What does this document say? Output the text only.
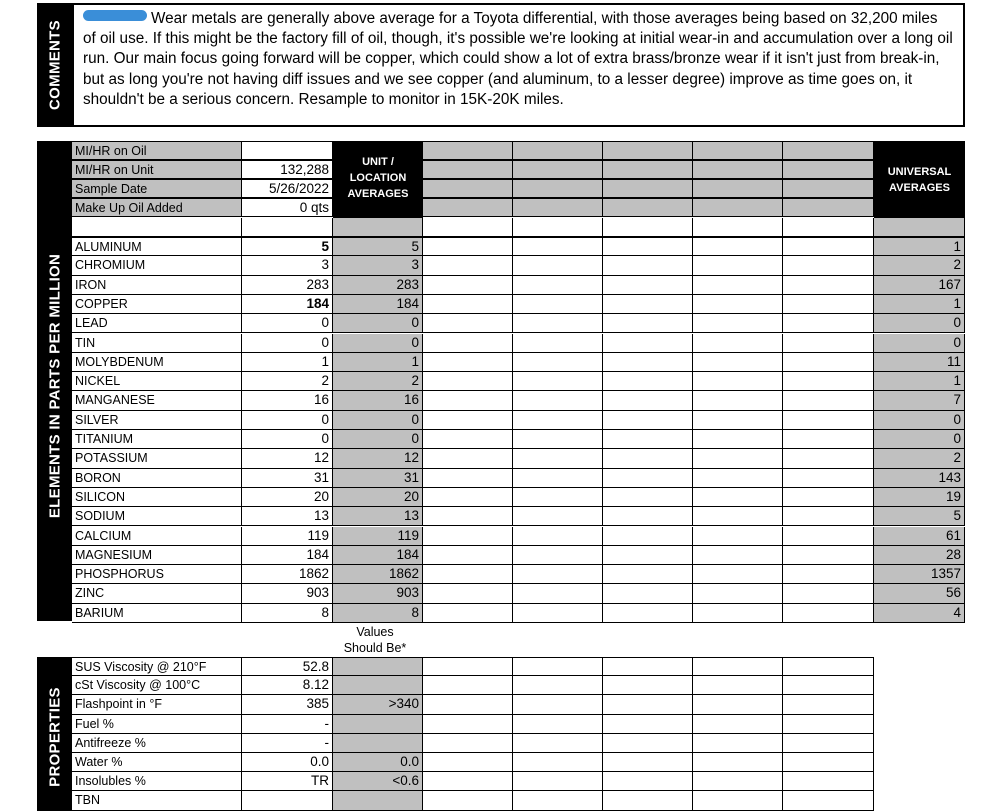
COMMENTS
Wear metals are generally above average for a Toyota differential, with those averages being based on 32,200 miles of oil use. If this might be the factory fill of oil, though, it's possible we're looking at initial wear-in and accumulation over a long oil run. Our main focus going forward will be copper, which could show a lot of extra brass/bronze wear if it isn't just from break-in, but as long you're not having diff issues and we see copper (and aluminum, to a lesser degree) improve as time goes on, it shouldn't be a serious concern. Resample to monitor in 15K-20K miles.
ELEMENTS IN PARTS PER MILLION
UNIT / LOCATION AVERAGES
UNIVERSAL AVERAGES
MI/HR on Oil
MI/HR on Unit	132,288
Sample Date	5/26/2022
Make Up Oil Added	0 qts
ALUMINUM	5	5	1
CHROMIUM	3	3	2
IRON	283	283	167
COPPER	184	184	1
LEAD	0	0	0
TIN	0	0	0
MOLYBDENUM	1	1	11
NICKEL	2	2	1
MANGANESE	16	16	7
SILVER	0	0	0
TITANIUM	0	0	0
POTASSIUM	12	12	2
BORON	31	31	143
SILICON	20	20	19
SODIUM	13	13	5
CALCIUM	119	119	61
MAGNESIUM	184	184	28
PHOSPHORUS	1862	1862	1357
ZINC	903	903	56
BARIUM	8	8	4
Values Should Be*
PROPERTIES
SUS Viscosity @ 210°F	52.8
cSt Viscosity @ 100°C	8.12
Flashpoint in °F	385	>340
Fuel %	-
Antifreeze %	-
Water %	0.0	0.0
Insolubles %	TR	<0.6
TBN
